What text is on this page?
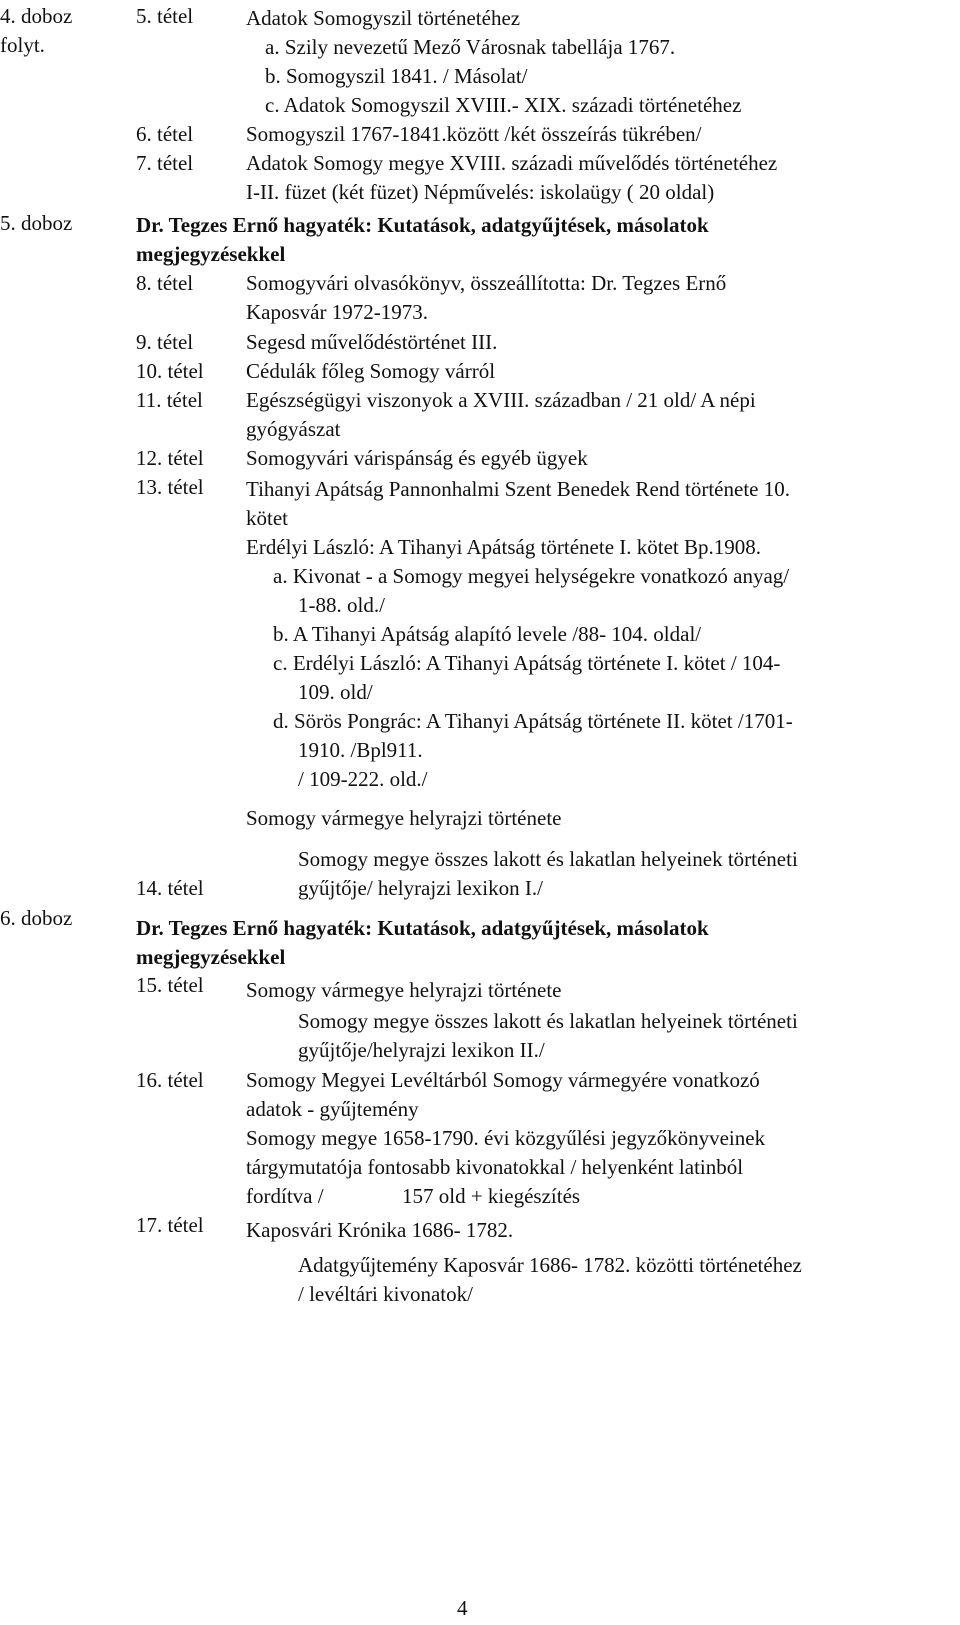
4. doboz
folyt.
5. tétel	Adatok Somogyszil történetéhez
a. Szily nevezetű Mező Városnak tabellája 1767.
b. Somogyszil 1841. / Másolat/
c. Adatok Somogyszil XVIII.- XIX. századi történetéhez
6. tétel	Somogyszil 1767-1841.között /két összeírás tükrében/
7. tétel	Adatok Somogy megye XVIII. századi művelődés történetéhez
I-II. füzet (két füzet) Népművelés: iskolaügy ( 20 oldal)
5. doboz	Dr. Tegzes Ernő hagyaték: Kutatások, adatgyűjtések, másolatok
megjegyzésekkel
8. tétel	Somogyvári olvasókönyv, összeállította: Dr. Tegzes Ernő
Kaposvár 1972-1973.
9. tétel	Segesd művelődéstörténet III.
10. tétel Cédulák főleg Somogy várról
11. tétel Egészségügyi viszonyok a XVIII. században / 21 old/ A népi
gyógyászat
12. tétel Somogyvári várispánság és egyéb ügyek
13. tétel Tihanyi Apátság Pannonhalmi Szent Benedek Rend története 10.
kötet
Erdélyi László: A Tihanyi Apátság története I. kötet Bp.1908.
a. Kivonat - a Somogy megyei helységekre vonatkozó anyag/
1-88. old./
b. A Tihanyi Apátság alapító levele /88- 104. oldal/
c. Erdélyi László: A Tihanyi Apátság története I. kötet / 104-
109. old/
d. Sörös Pongrác: A Tihanyi Apátság története II. kötet /1701-
1910. /Bpl911.
/ 109-222. old./
Somogy vármegye helyrajzi története
Somogy megye összes lakott és lakatlan helyeinek történeti
14. tétel	gyűjtője/ helyrajzi lexikon I./
6. doboz	Dr. Tegzes Ernő hagyaték: Kutatások, adatgyűjtések, másolatok
megjegyzésekkel
15. tétel Somogy vármegye helyrajzi története
Somogy megye összes lakott és lakatlan helyeinek történeti
gyűjtője/helyrajzi lexikon II./
16. tétel Somogy Megyei Levéltárból Somogy vármegyére vonatkozó
adatok - gyűjtemény
Somogy megye 1658-1790. évi közgyűlési jegyzőkönyveinek
tárgymutatója fontosabb kivonatokkal / helyenként latinból
fordítva /	157 old + kiegészítés
17. tétel Kaposvári Krónika 1686- 1782.
Adatgyűjtemény Kaposvár 1686- 1782. közötti történetéhez
/ levéltári kivonatok/
4
